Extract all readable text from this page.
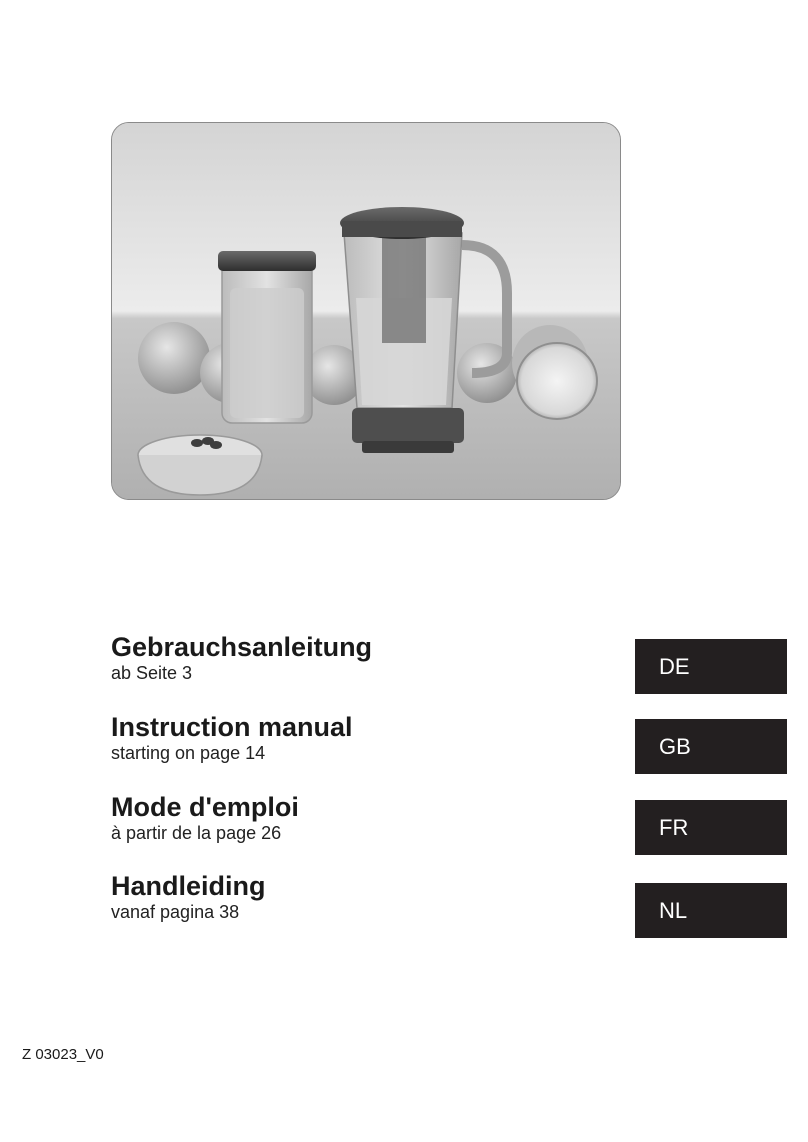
Gebrauchsanleitung

ab Seite 3	DE

Instruction manual

starting on page 14	GB

Mode d'emploi

à partir de la page 26	FR

Handleiding

vanaf pagina 38	NL
Z 03023_V0
